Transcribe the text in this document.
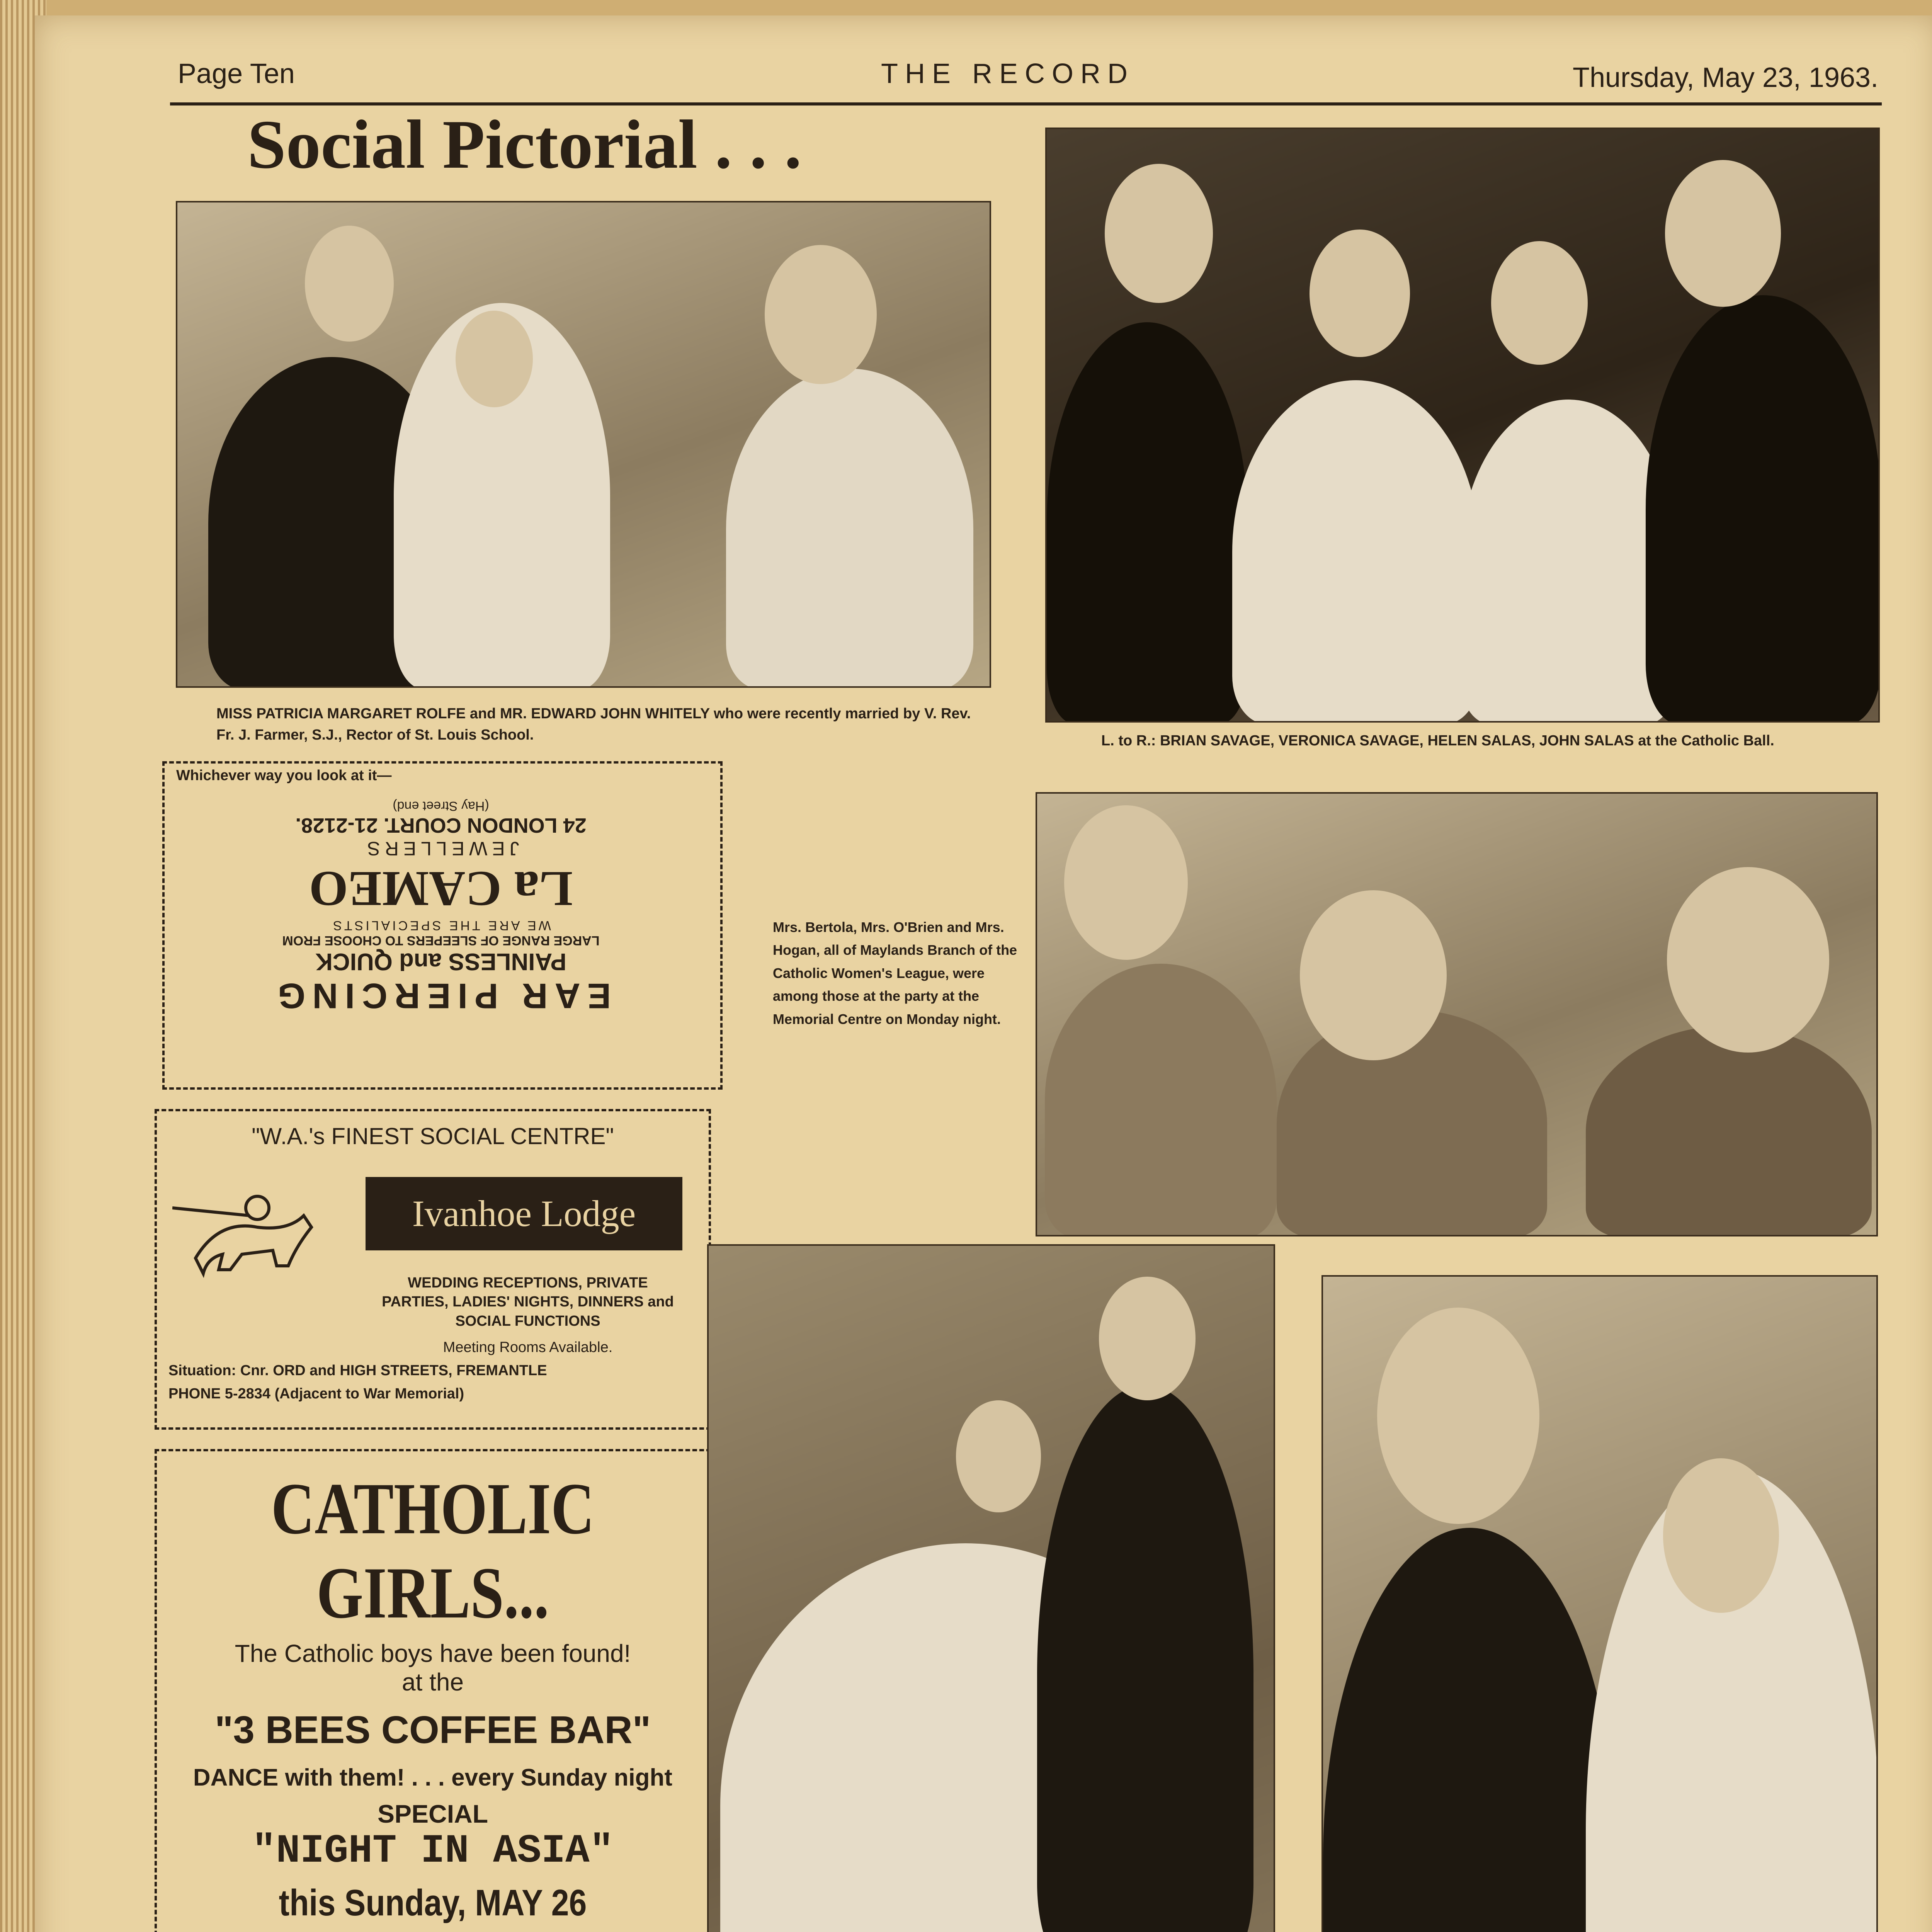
Page Ten	THE RECORD	Thursday, May 23, 1963.
Social Pictorial . . .
MISS PATRICIA MARGARET ROLFE and MR. EDWARD JOHN WHITELY who were recently married by V. Rev. Fr. J. Farmer, S.J., Rector of St. Louis School.	L. to R.: BRIAN SAVAGE, VERONICA SAVAGE, HELEN SALAS, JOHN SALAS at the Catholic Ball.
Whichever way you look at it—
EAR PIERCING
PAINLESS and QUICK
LARGE RANGE OF SLEEPERS TO CHOOSE FROM
WE ARE THE SPECIALISTS
La CAMEO
JEWELLERS
24 LONDON COURT. 21-2128.
(Hay Street end)
Mrs. Bertola, Mrs. O'Brien and Mrs. Hogan, all of Maylands Branch of the Catholic Women's League, were among those at the party at the Memorial Centre on Monday night.
"W.A.'s FINEST SOCIAL CENTRE"
Ivanhoe Lodge
WEDDING RECEPTIONS, PRIVATE PARTIES, LADIES' NIGHTS, DINNERS and SOCIAL FUNCTIONS
Meeting Rooms Available.
Situation: Cnr. ORD and HIGH STREETS, FREMANTLE
PHONE 5-2834 (Adjacent to War Memorial)
CATHOLIC GIRLS...
The Catholic boys have been found!
at the
"3 BEES COFFEE BAR"
DANCE with them! . . . every Sunday night
SPECIAL
"NIGHT IN ASIA"
this Sunday, MAY 26
